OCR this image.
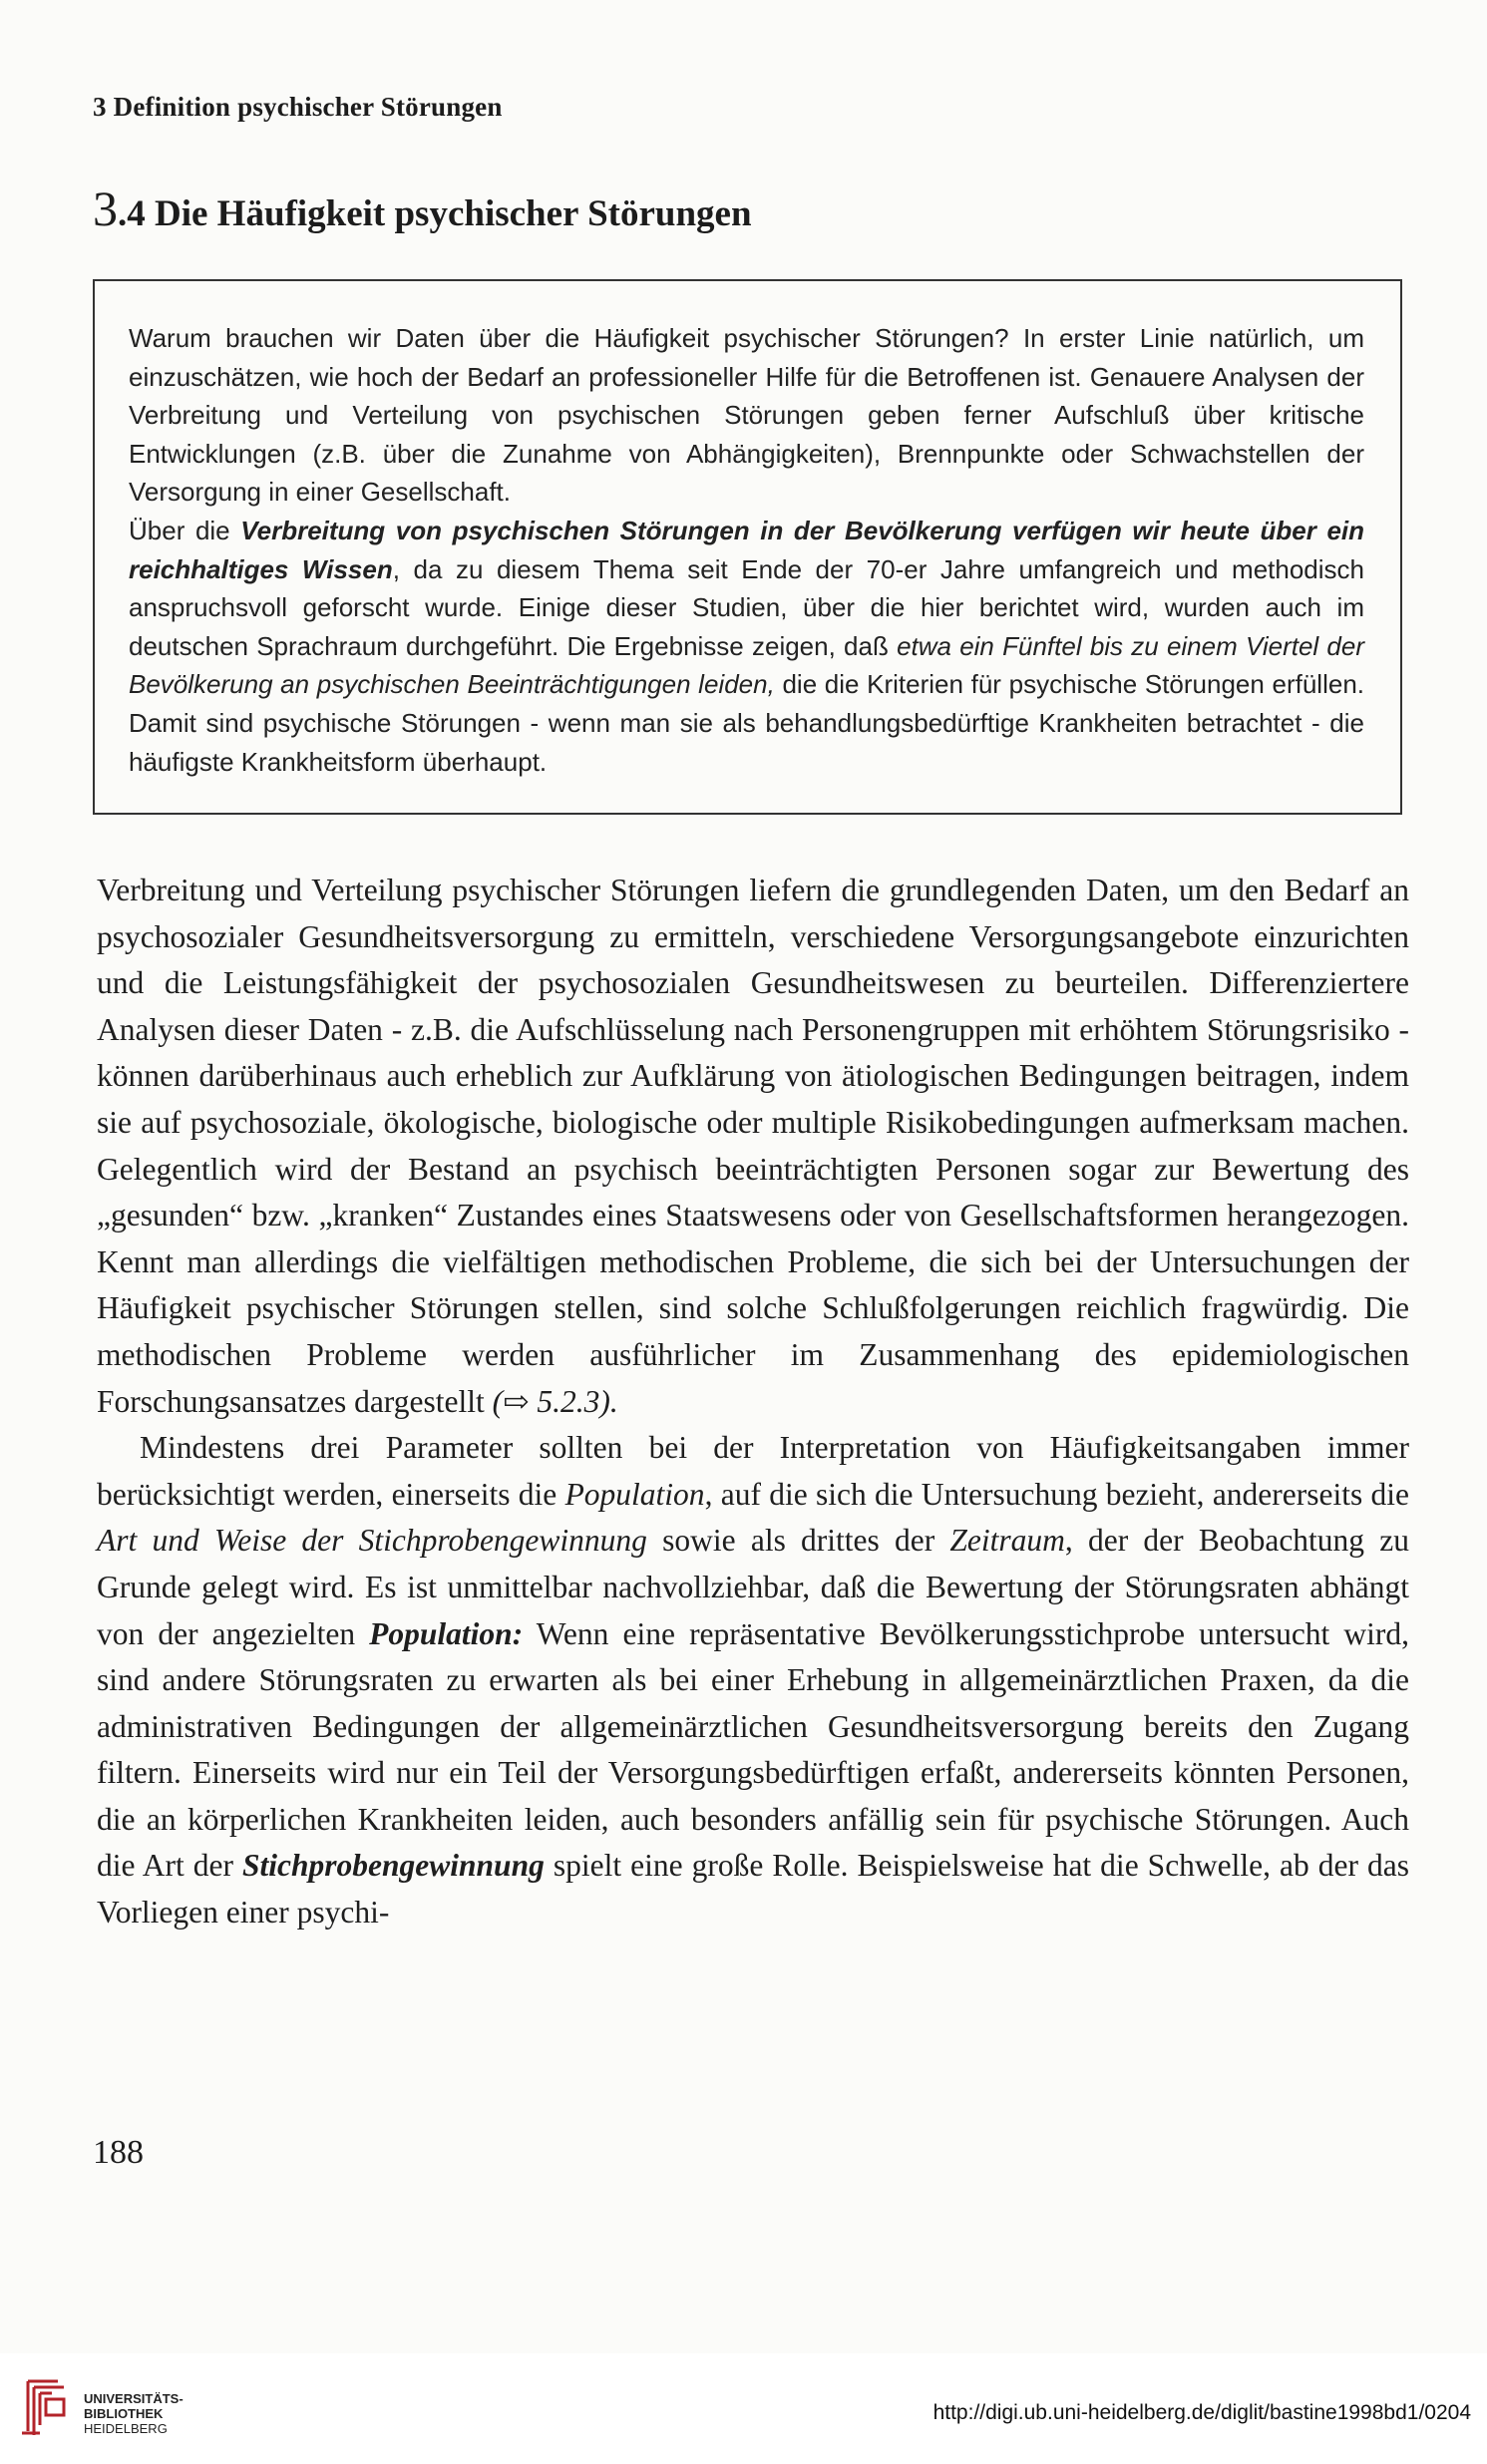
3 Definition psychischer Störungen
3.4 Die Häufigkeit psychischer Störungen

Warum brauchen wir Daten über die Häufigkeit psychischer Störungen? In erster Linie natürlich, um einzuschätzen, wie hoch der Bedarf an professioneller Hilfe für die Betroffenen ist. Genauere Analysen der Verbreitung und Verteilung von psychischen Störungen geben ferner Aufschluß über kritische Entwicklungen (z.B. über die Zunahme von Abhängigkeiten), Brennpunkte oder Schwachstellen der Versorgung in einer Gesellschaft.

Über die Verbreitung von psychischen Störungen in der Bevölkerung verfügen wir heute über ein reichhaltiges Wissen, da zu diesem Thema seit Ende der 70-er Jahre umfangreich und methodisch anspruchsvoll geforscht wurde. Einige dieser Studien, über die hier berichtet wird, wurden auch im deutschen Sprachraum durchgeführt. Die Ergebnisse zeigen, daß etwa ein Fünftel bis zu einem Viertel der Bevölkerung an psychischen Beeinträchtigungen leiden, die die Kriterien für psychische Störungen erfüllen. Damit sind psychische Störungen - wenn man sie als behandlungsbedürftige Krankheiten betrachtet - die häufigste Krankheitsform überhaupt.

Verbreitung und Verteilung psychischer Störungen liefern die grundlegenden Daten, um den Bedarf an psychosozialer Gesundheitsversorgung zu ermitteln, verschiedene Versorgungsangebote einzurichten und die Leistungsfähigkeit der psychosozialen Gesundheitswesen zu beurteilen. Differenziertere Analysen dieser Daten - z.B. die Aufschlüsselung nach Personengruppen mit erhöhtem Störungsrisiko - können darüberhinaus auch erheblich zur Aufklärung von ätiologischen Bedingungen beitragen, indem sie auf psychosoziale, ökologische, biologische oder multiple Risikobedingungen aufmerksam machen. Gelegentlich wird der Bestand an psychisch beeinträchtigten Personen sogar zur Bewertung des „gesunden“ bzw. „kranken“ Zustandes eines Staatswesens oder von Gesellschaftsformen herangezogen. Kennt man allerdings die vielfältigen methodischen Probleme, die sich bei der Untersuchungen der Häufigkeit psychischer Störungen stellen, sind solche Schlußfolgerungen reichlich fragwürdig. Die methodischen Probleme werden ausführlicher im Zusammenhang des epidemiologischen Forschungsansatzes dargestellt (⇨ 5.2.3).

Mindestens drei Parameter sollten bei der Interpretation von Häufigkeitsangaben immer berücksichtigt werden, einerseits die Population, auf die sich die Untersuchung bezieht, andererseits die Art und Weise der Stichprobengewinnung sowie als drittes der Zeitraum, der der Beobachtung zu Grunde gelegt wird. Es ist unmittelbar nachvollziehbar, daß die Bewertung der Störungsraten abhängt von der angezielten Population: Wenn eine repräsentative Bevölkerungsstichprobe untersucht wird, sind andere Störungsraten zu erwarten als bei einer Erhebung in allgemeinärztlichen Praxen, da die administrativen Bedingungen der allgemeinärztlichen Gesundheitsversorgung bereits den Zugang filtern. Einerseits wird nur ein Teil der Versorgungsbedürftigen erfaßt, andererseits könnten Personen, die an körperlichen Krankheiten leiden, auch besonders anfällig sein für psychische Störungen. Auch die Art der Stichprobengewinnung spielt eine große Rolle. Beispielsweise hat die Schwelle, ab der das Vorliegen einer psychi-

188
UNIVERSITÄTS-
BIBLIOTHEK
HEIDELBERG
http://digi.ub.uni-heidelberg.de/diglit/bastine1998bd1/0204
